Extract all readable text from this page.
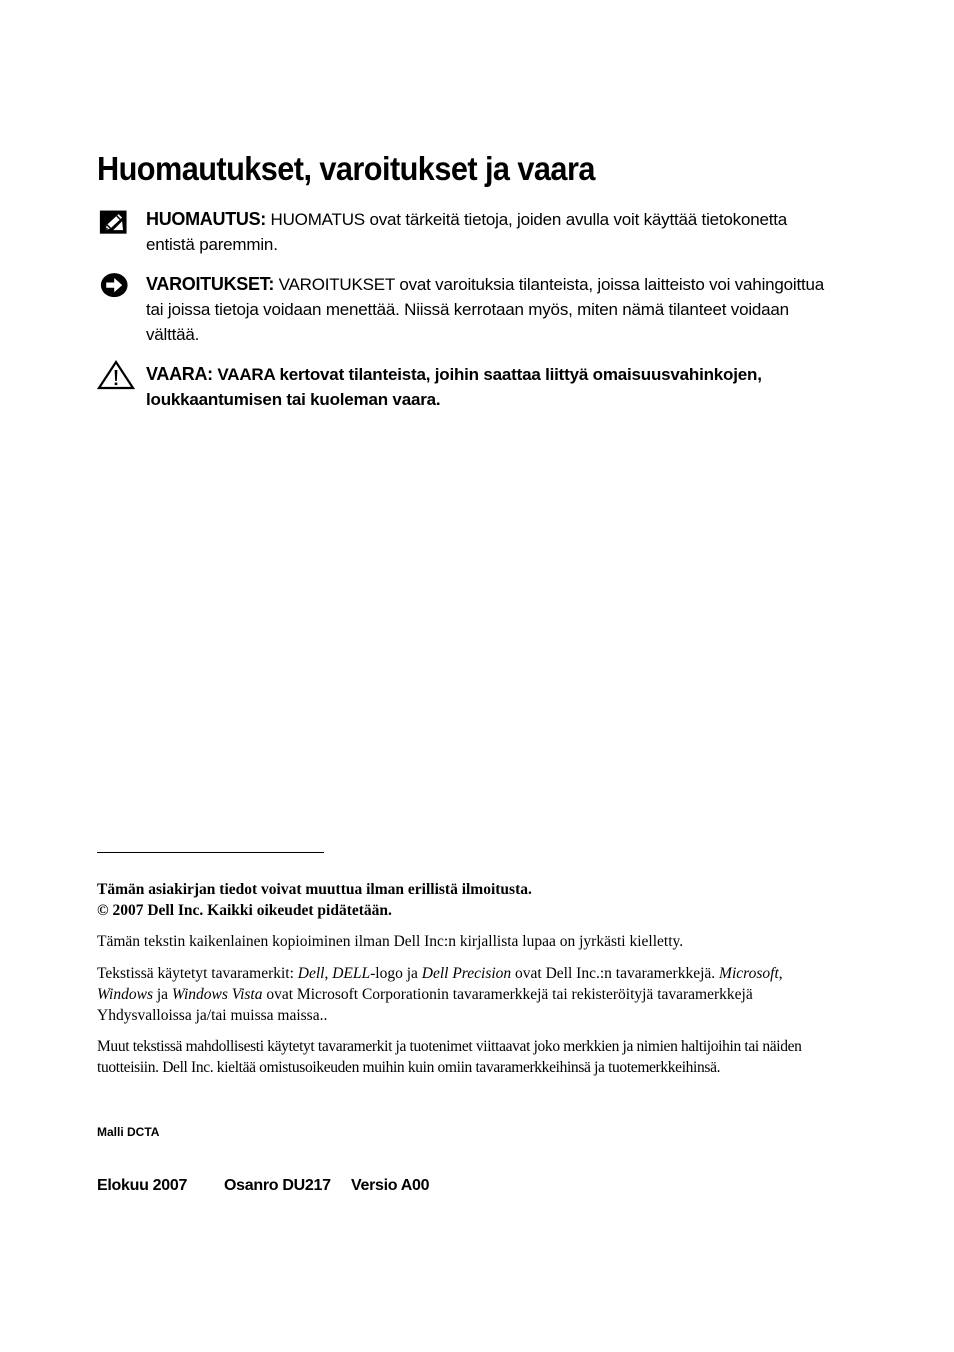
Huomautukset, varoitukset ja vaara
HUOMAUTUS: HUOMATUS ovat tärkeitä tietoja, joiden avulla voit käyttää tietokonetta entistä paremmin.
VAROITUKSET: VAROITUKSET ovat varoituksia tilanteista, joissa laitteisto voi vahingoittua tai joissa tietoja voidaan menettää. Niissä kerrotaan myös, miten nämä tilanteet voidaan välttää.
VAARA: VAARA kertovat tilanteista, joihin saattaa liittyä omaisuusvahinkojen, loukkaantumisen tai kuoleman vaara.

Tämän asiakirjan tiedot voivat muuttua ilman erillistä ilmoitusta.

© 2007 Dell Inc. Kaikki oikeudet pidätetään.

Tämän tekstin kaikenlainen kopioiminen ilman Dell Inc:n kirjallista lupaa on jyrkästi kielletty.

Tekstissä käytetyt tavaramerkit: Dell, DELL-logo ja Dell Precision ovat Dell Inc.:n tavaramerkkejä. Microsoft, Windows ja Windows Vista ovat Microsoft Corporationin tavaramerkkejä tai rekisteröityjä tavaramerkkejä Yhdysvalloissa ja/tai muissa maissa..

Muut tekstissä mahdollisesti käytetyt tavaramerkit ja tuotenimet viittaavat joko merkkien ja nimien haltijoihin tai näiden tuotteisiin. Dell Inc. kieltää omistusoikeuden muihin kuin omiin tavaramerkkeihinsä ja tuotemerkkeihinsä.

Malli DCTA
Elokuu 2007 Osanro DU217 Versio A00
